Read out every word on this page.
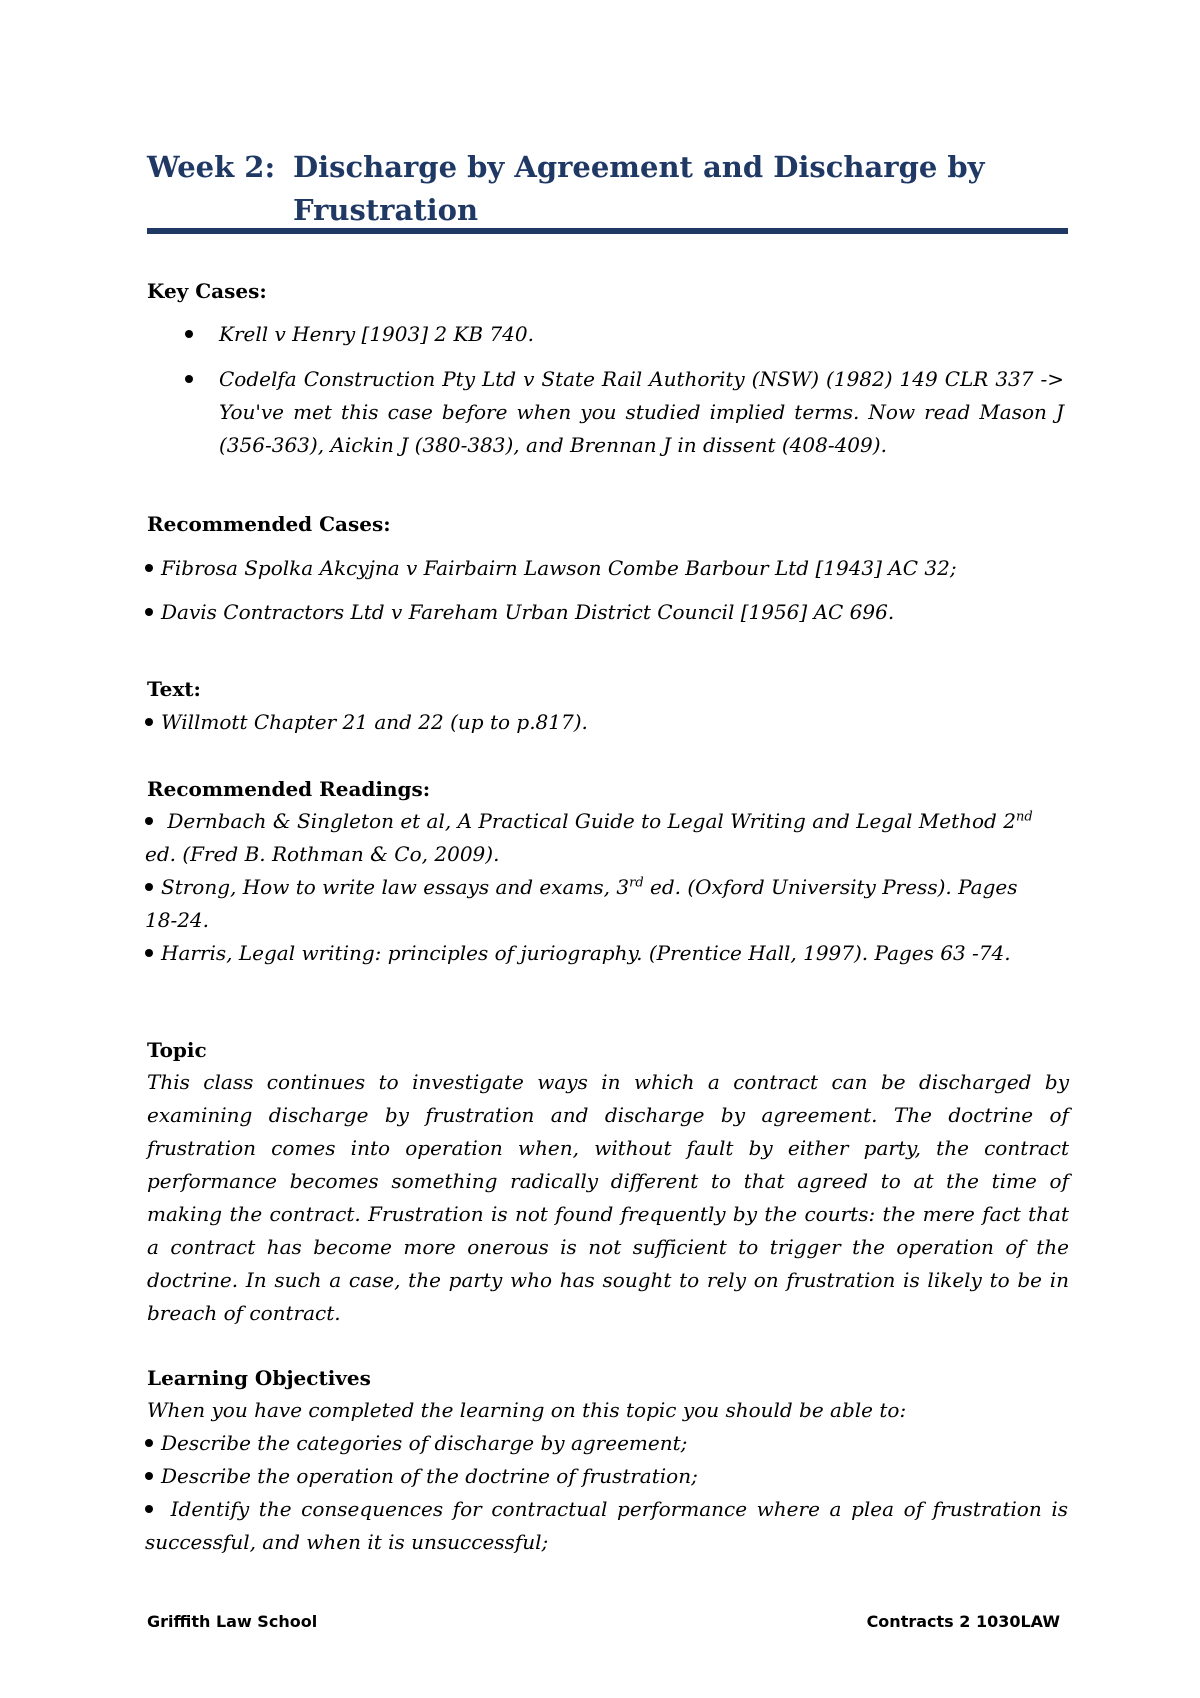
Week 2: Discharge by Agreement and Discharge by Frustration
Key Cases:
Krell v Henry [1903] 2 KB 740.
Codelfa Construction Pty Ltd v State Rail Authority (NSW) (1982) 149 CLR 337 -> You've met this case before when you studied implied terms. Now read Mason J (356-363), Aickin J (380-383), and Brennan J in dissent (408-409).
Recommended Cases:
Fibrosa Spolka Akcyjna v Fairbairn Lawson Combe Barbour Ltd [1943] AC 32;
Davis Contractors Ltd v Fareham Urban District Council [1956] AC 696.
Text:
Willmott Chapter 21 and 22 (up to p.817).
Recommended Readings:
Dernbach & Singleton et al, A Practical Guide to Legal Writing and Legal Method 2nd ed. (Fred B. Rothman & Co, 2009).
Strong, How to write law essays and exams, 3rd ed. (Oxford University Press). Pages 18-24.
Harris, Legal writing: principles of juriography. (Prentice Hall, 1997). Pages 63 -74.
Topic
This class continues to investigate ways in which a contract can be discharged by examining discharge by frustration and discharge by agreement. The doctrine of frustration comes into operation when, without fault by either party, the contract performance becomes something radically different to that agreed to at the time of making the contract. Frustration is not found frequently by the courts: the mere fact that a contract has become more onerous is not sufficient to trigger the operation of the doctrine. In such a case, the party who has sought to rely on frustration is likely to be in breach of contract.
Learning Objectives
When you have completed the learning on this topic you should be able to:
Describe the categories of discharge by agreement;
Describe the operation of the doctrine of frustration;
Identify the consequences for contractual performance where a plea of frustration is successful, and when it is unsuccessful;
Griffith Law School	Contracts 2 1030LAW
